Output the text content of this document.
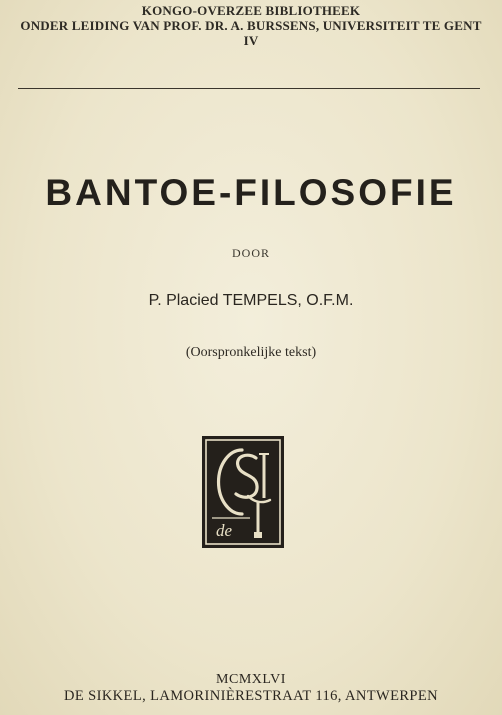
KONGO-OVERZEE BIBLIOTHEEK
ONDER LEIDING VAN PROF. DR. A. BURSSENS, UNIVERSITEIT TE GENT
IV
BANTOE-FILOSOFIE
DOOR
P. Placied TEMPELS, O.F.M.
(Oorspronkelijke tekst)
de
MCMXLVI
DE SIKKEL, LAMORINIÈRESTRAAT 116, ANTWERPEN
